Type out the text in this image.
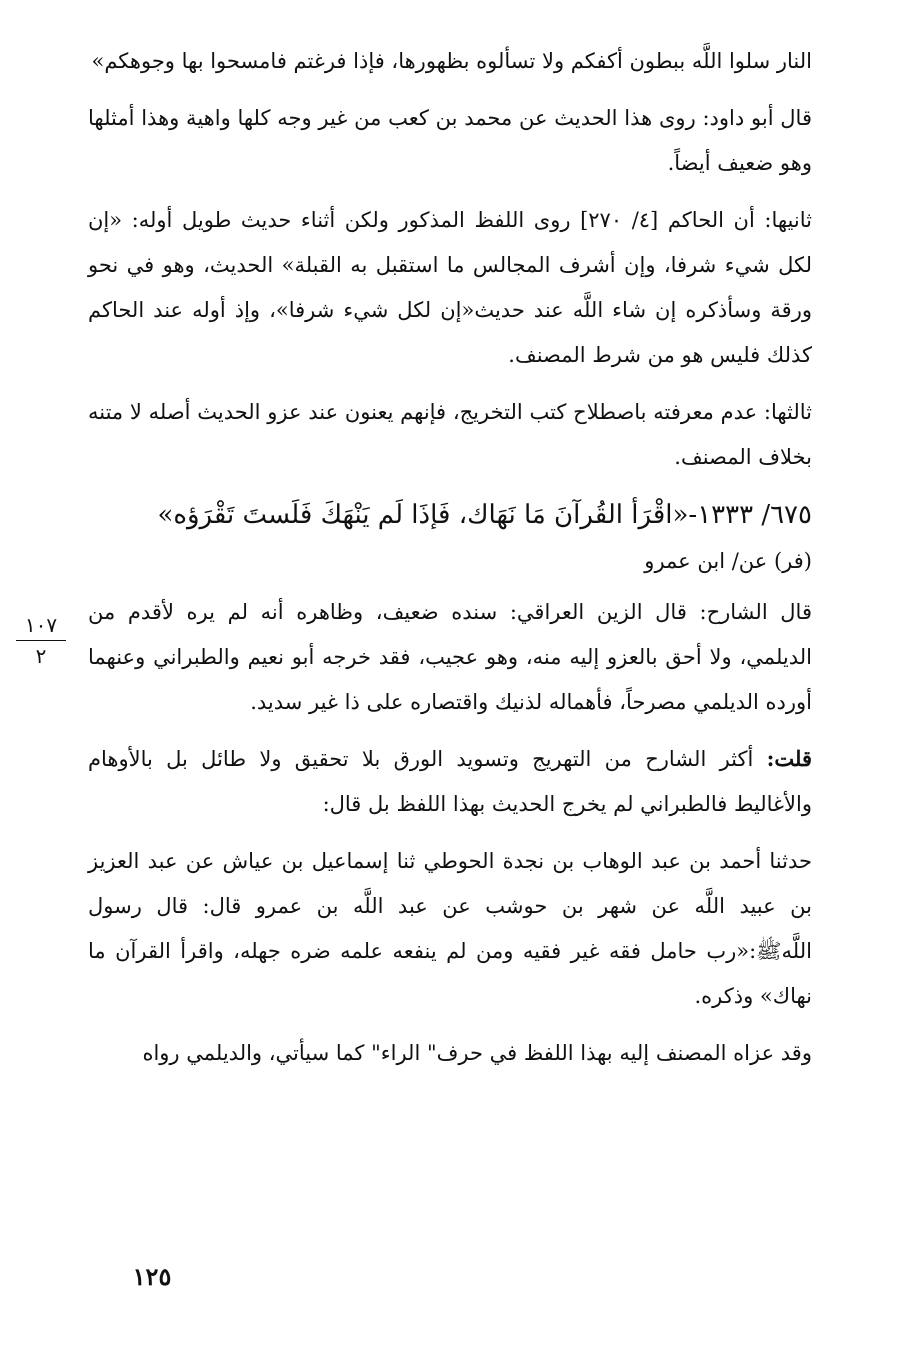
النار سلوا اللَّه ببطون أكفكم ولا تسألوه بظهورها، فإذا فرغتم فامسحوا بها وجوهكم»

قال أبو داود: روى هذا الحديث عن محمد بن كعب من غير وجه كلها واهية وهذا أمثلها وهو ضعيف أيضاً.

ثانيها: أن الحاكم [٤/ ٢٧٠] روى اللفظ المذكور ولكن أثناء حديث طويل أوله: «إن لكل شيء شرفا، وإن أشرف المجالس ما استقبل به القبلة» الحديث، وهو في نحو ورقة وسأذكره إن شاء اللَّه عند حديث«إن لكل شيء شرفا»، وإذ أوله عند الحاكم كذلك فليس هو من شرط المصنف.

ثالثها: عدم معرفته باصطلاح كتب التخريج، فإنهم يعنون عند عزو الحديث أصله لا متنه بخلاف المصنف.

٦٧٥/ ١٣٣٣-«اقْرَأ القُرآنَ مَا نَهَاك، فَإذَا لَم يَنْهَكَ فَلَستَ تَقْرَؤه»
(فر) عن/ ابن عمرو

قال الشارح: قال الزين العراقي: سنده ضعيف، وظاهره أنه لم يره لأقدم من الديلمي، ولا أحق بالعزو إليه منه، وهو عجيب، فقد خرجه أبو نعيم والطبراني وعنهما أورده الديلمي مصرحاً، فأهماله لذنيك واقتصاره على ذا غير سديد.

قلت: أكثر الشارح من التهريج وتسويد الورق بلا تحقيق ولا طائل بل بالأوهام والأغاليط فالطبراني لم يخرج الحديث بهذا اللفظ بل قال:

حدثنا أحمد بن عبد الوهاب بن نجدة الحوطي ثنا إسماعيل بن عياش عن عبد العزيز بن عبيد اللَّه عن شهر بن حوشب عن عبد اللَّه بن عمرو قال: قال رسول اللَّهﷺ:«رب حامل فقه غير فقيه ومن لم ينفعه علمه ضره جهله، واقرأ القرآن ما نهاك» وذكره.

وقد عزاه المصنف إليه بهذا اللفظ في حرف" الراء" كما سيأتي، والديلمي رواه

١٠٧
٢
١٢٥
